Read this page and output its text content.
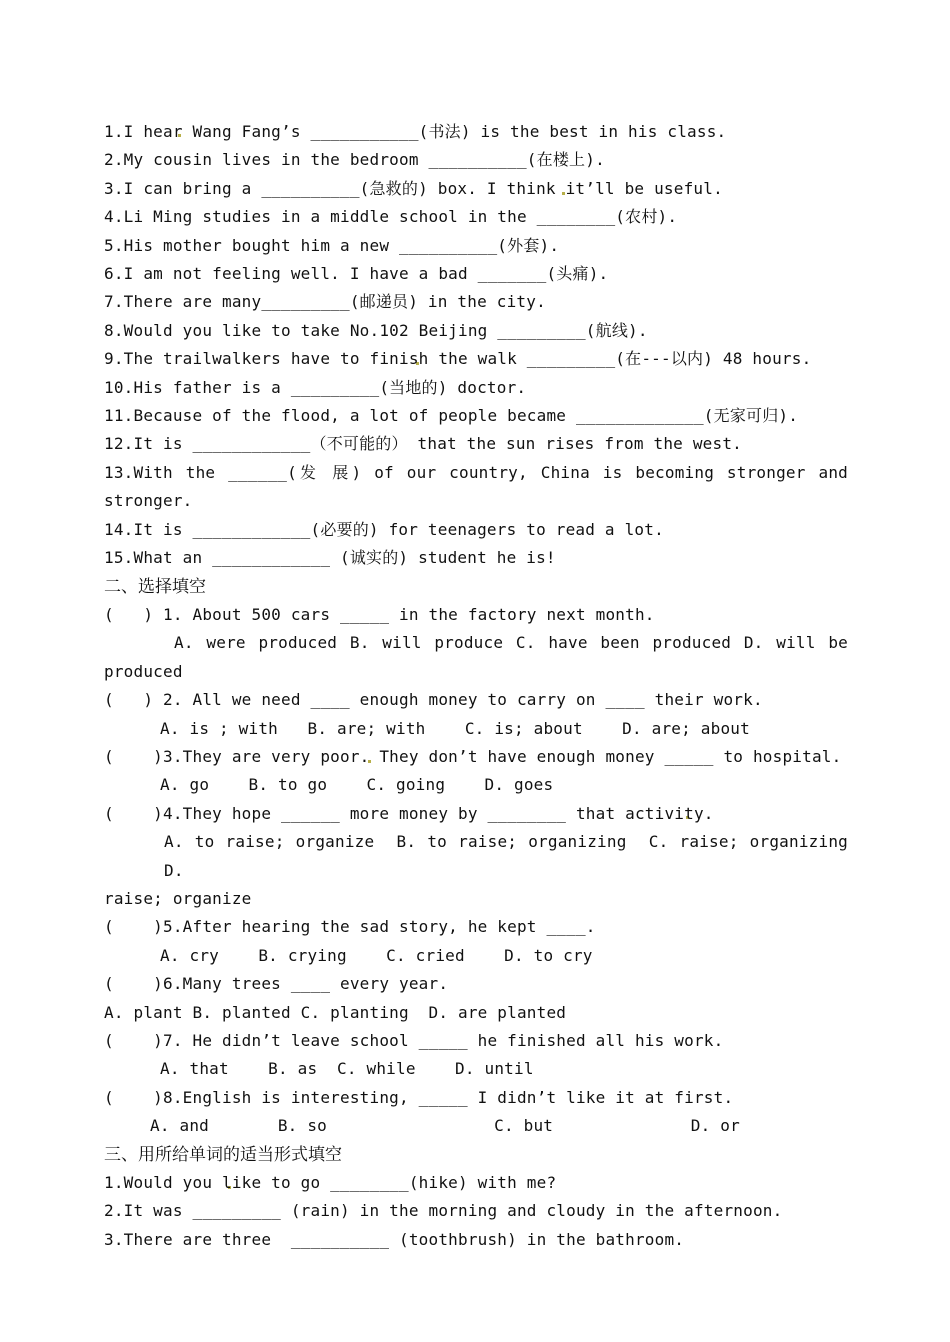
1.I hear Wang Fang’s ___________(书法) is the best in his class.
2.My cousin lives in the bedroom __________(在楼上).
3.I can bring a __________(急救的) box. I think it’ll be useful.
4.Li Ming studies in a middle school in the ________(农村).
5.His mother bought him a new __________(外套).
6.I am not feeling well. I have a bad _______(头痛).
7.There are many_________(邮递员) in the city.
8.Would you like to take No.102 Beijing _________(航线).
9.The trailwalkers have to finish the walk _________(在---以内) 48 hours.
10.His father is a _________(当地的) doctor.
11.Because of the flood, a lot of people became _____________(无家可归).
12.It is ____________（不可能的） that the sun rises from the west.
13.With the ______(发 展) of our country, China is becoming stronger and
stronger.
14.It is ____________(必要的) for teenagers to read a lot.
15.What an ____________ (诚实的) student he is!
二、选择填空
(   ) 1. About 500 cars _____ in the factory next month.
A. were produced B. will produce C. have been produced D. will be
produced
(   ) 2. All we need ____ enough money to carry on ____ their work.
A. is ; with   B. are; with    C. is; about    D. are; about
(    )3.They are very poor. They don’t have enough money _____ to hospital.
A. go    B. to go    C. going    D. goes
(    )4.They hope ______ more money by ________ that activity.
A. to raise; organize  B. to raise; organizing  C. raise; organizing D.
raise; organize
(    )5.After hearing the sad story, he kept ____.
A. cry    B. crying    C. cried    D. to cry
(    )6.Many trees ____ every year.
A. plant B. planted C. planting  D. are planted
(    )7. He didn’t leave school _____ he finished all his work.
A. that    B. as  C. while    D. until
(    )8.English is interesting, _____ I didn’t like it at first.
A. and       B. so                 C. but              D. or
三、用所给单词的适当形式填空
1.Would you like to go ________(hike) with me?
2.It was _________ (rain) in the morning and cloudy in the afternoon.
3.There are three  __________ (toothbrush) in the bathroom.
